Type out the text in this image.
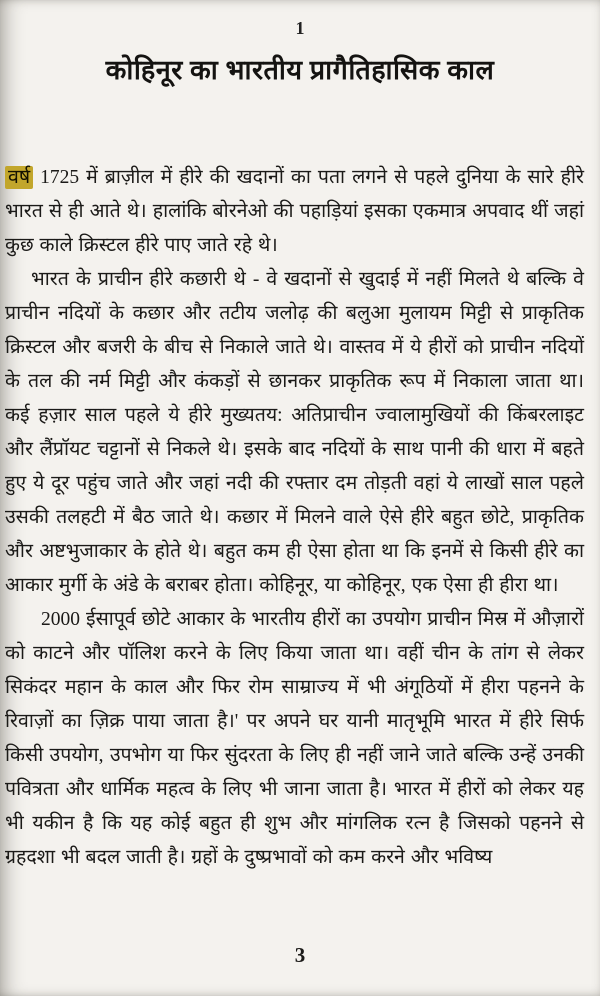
1
कोहिनूर का भारतीय प्रागैतिहासिक काल

वर्ष 1725 में ब्राज़ील में हीरे की खदानों का पता लगने से पहले दुनिया के सारे हीरे भारत से ही आते थे। हालांकि बोरनेओ की पहाड़ियां इसका एकमात्र अपवाद थीं जहां कुछ काले क्रिस्टल हीरे पाए जाते रहे थे।

भारत के प्राचीन हीरे कछारी थे - वे खदानों से खुदाई में नहीं मिलते थे बल्कि वे प्राचीन नदियों के कछार और तटीय जलोढ़ की बलुआ मुलायम मिट्टी से प्राकृतिक क्रिस्टल और बजरी के बीच से निकाले जाते थे। वास्तव में ये हीरों को प्राचीन नदियों के तल की नर्म मिट्टी और कंकड़ों से छानकर प्राकृतिक रूप में निकाला जाता था। कई हज़ार साल पहले ये हीरे मुख्यतय: अतिप्राचीन ज्वालामुखियों की किंबरलाइट और लैंप्रॉयट चट्टानों से निकले थे। इसके बाद नदियों के साथ पानी की धारा में बहते हुए ये दूर पहुंच जाते और जहां नदी की रफ्तार दम तोड़ती वहां ये लाखों साल पहले उसकी तलहटी में बैठ जाते थे। कछार में मिलने वाले ऐसे हीरे बहुत छोटे, प्राकृतिक और अष्टभुजाकार के होते थे। बहुत कम ही ऐसा होता था कि इनमें से किसी हीरे का आकार मुर्गी के अंडे के बराबर होता। कोहिनूर, या कोहिनूर, एक ऐसा ही हीरा था।

2000 ईसापूर्व छोटे आकार के भारतीय हीरों का उपयोग प्राचीन मिस्र में औज़ारों को काटने और पॉलिश करने के लिए किया जाता था। वहीं चीन के तांग से लेकर सिकंदर महान के काल और फिर रोम साम्राज्य में भी अंगूठियों में हीरा पहनने के रिवाज़ों का ज़िक्र पाया जाता है।' पर अपने घर यानी मातृभूमि भारत में हीरे सिर्फ किसी उपयोग, उपभोग या फिर सुंदरता के लिए ही नहीं जाने जाते बल्कि उन्हें उनकी पवित्रता और धार्मिक महत्व के लिए भी जाना जाता है। भारत में हीरों को लेकर यह भी यकीन है कि यह कोई बहुत ही शुभ और मांगलिक रत्न है जिसको पहनने से ग्रहदशा भी बदल जाती है। ग्रहों के दुष्प्रभावों को कम करने और भविष्य

3
